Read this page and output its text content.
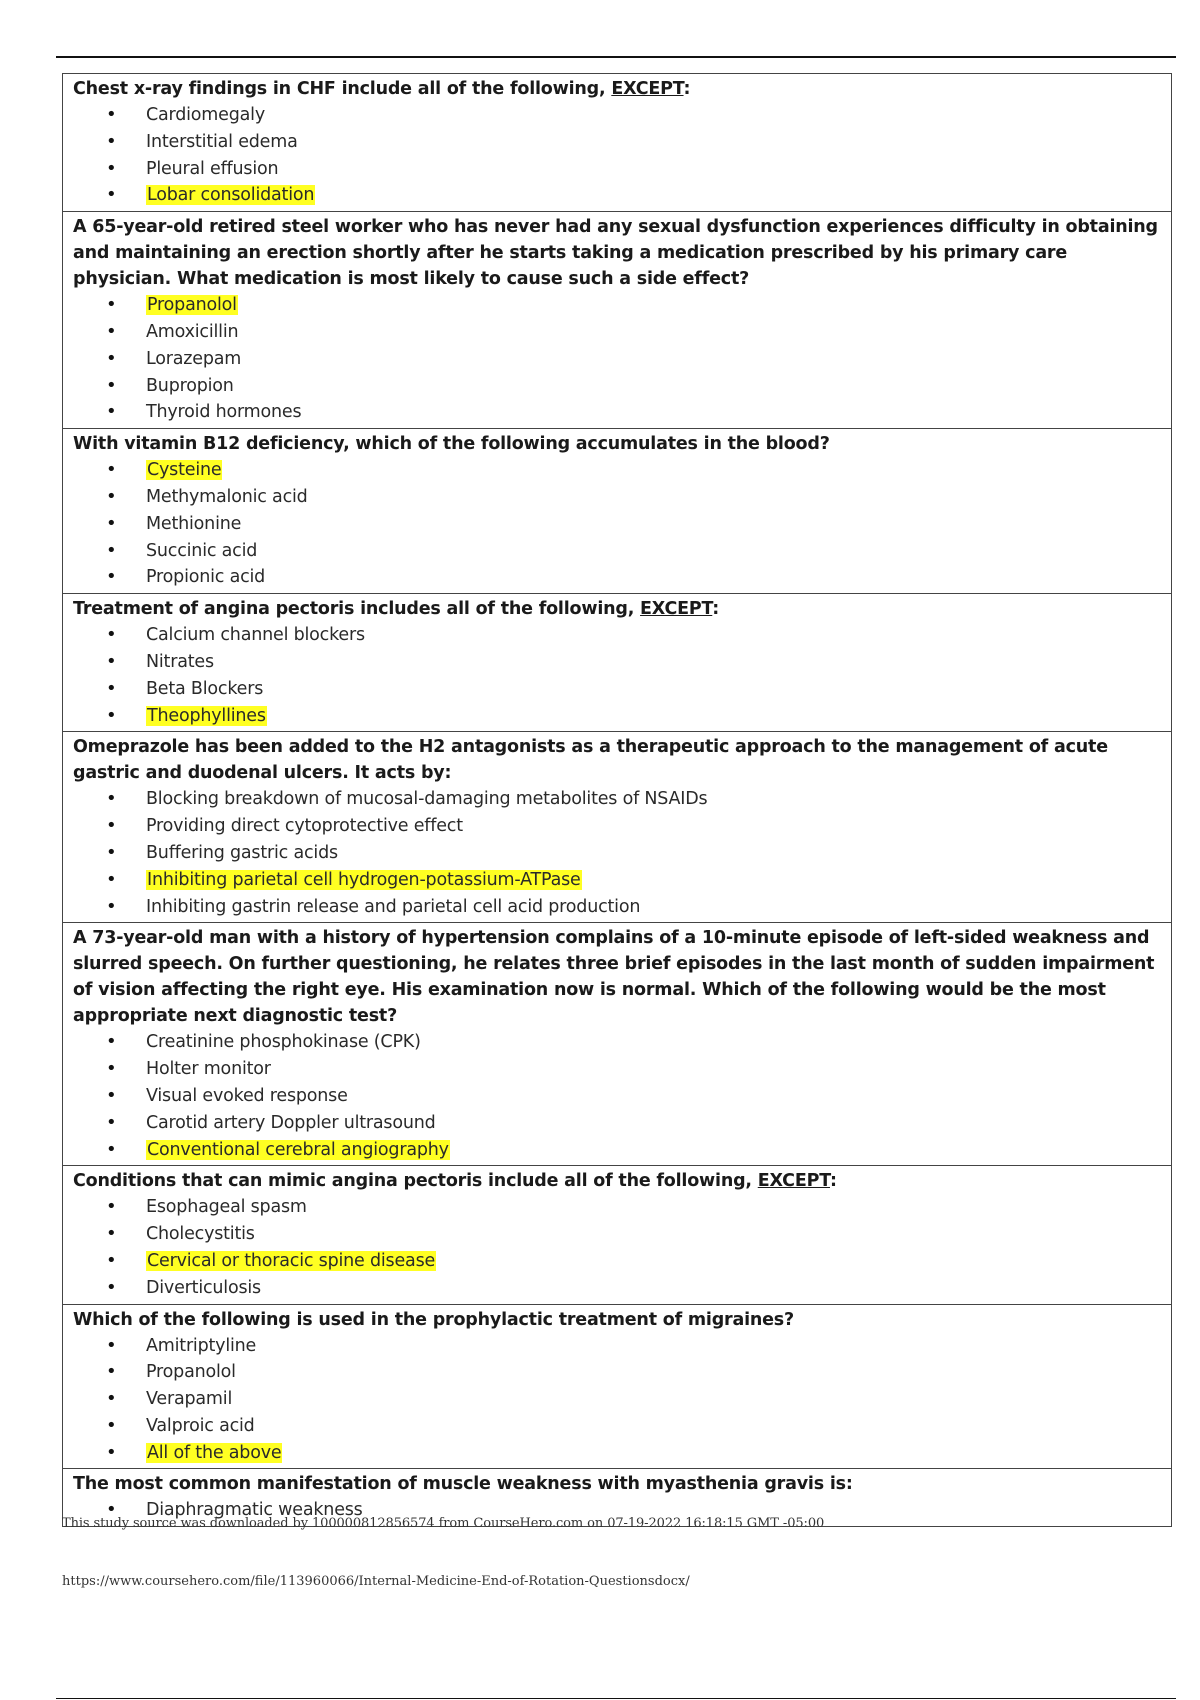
Chest x-ray findings in CHF include all of the following, EXCEPT:
• Cardiomegaly
• Interstitial edema
• Pleural effusion
• Lobar consolidation
A 65-year-old retired steel worker who has never had any sexual dysfunction experiences difficulty in obtaining and maintaining an erection shortly after he starts taking a medication prescribed by his primary care physician. What medication is most likely to cause such a side effect?
• Propanolol
• Amoxicillin
• Lorazepam
• Bupropion
• Thyroid hormones
With vitamin B12 deficiency, which of the following accumulates in the blood?
• Cysteine
• Methymalonic acid
• Methionine
• Succinic acid
• Propionic acid
Treatment of angina pectoris includes all of the following, EXCEPT:
• Calcium channel blockers
• Nitrates
• Beta Blockers
• Theophyllines
Omeprazole has been added to the H2 antagonists as a therapeutic approach to the management of acute gastric and duodenal ulcers. It acts by:
• Blocking breakdown of mucosal-damaging metabolites of NSAIDs
• Providing direct cytoprotective effect
• Buffering gastric acids
• Inhibiting parietal cell hydrogen-potassium-ATPase
• Inhibiting gastrin release and parietal cell acid production
A 73-year-old man with a history of hypertension complains of a 10-minute episode of left-sided weakness and slurred speech. On further questioning, he relates three brief episodes in the last month of sudden impairment of vision affecting the right eye. His examination now is normal. Which of the following would be the most appropriate next diagnostic test?
• Creatinine phosphokinase (CPK)
• Holter monitor
• Visual evoked response
• Carotid artery Doppler ultrasound
• Conventional cerebral angiography
Conditions that can mimic angina pectoris include all of the following, EXCEPT:
• Esophageal spasm
• Cholecystitis
• Cervical or thoracic spine disease
• Diverticulosis
Which of the following is used in the prophylactic treatment of migraines?
• Amitriptyline
• Propanolol
• Verapamil
• Valproic acid
• All of the above
The most common manifestation of muscle weakness with myasthenia gravis is:
• Diaphragmatic weakness
This study source was downloaded by 100000812856574 from CourseHero.com on 07-19-2022 16:18:15 GMT -05:00
https://www.coursehero.com/file/113960066/Internal-Medicine-End-of-Rotation-Questionsdocx/
